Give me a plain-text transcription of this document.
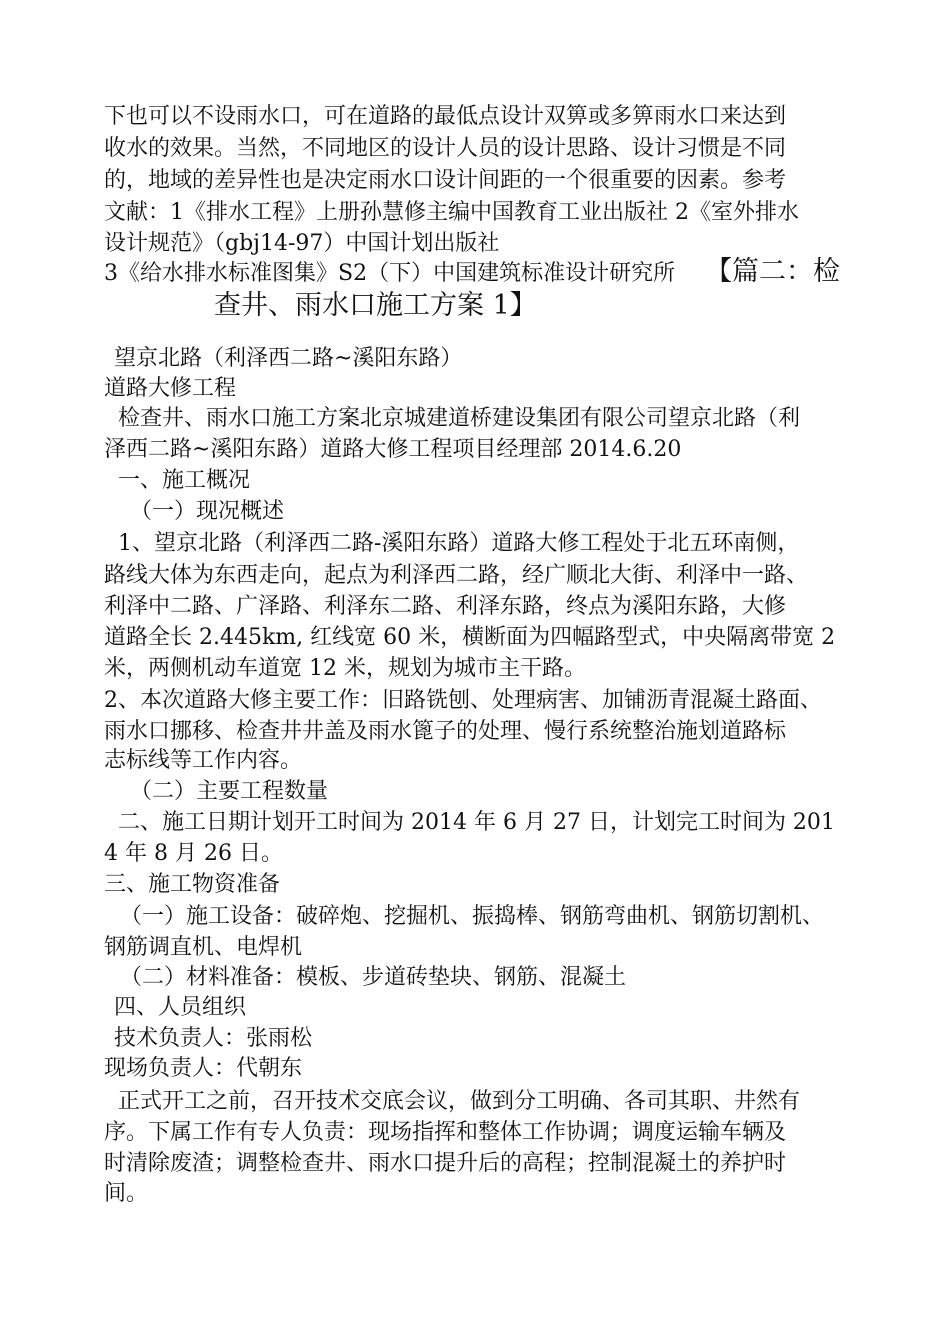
下也可以不设雨水口，可在道路的最低点设计双箅或多箅雨水口来达到
收水的效果。当然，不同地区的设计人员的设计思路、设计习惯是不同
的，地域的差异性也是决定雨水口设计间距的一个很重要的因素。参考
文献：1《排水工程》上册孙慧修主编中国教育工业出版社 2《室外排水
设计规范》（gbj14-97）中国计划出版社
3《给水排水标准图集》S2（下）中国建筑标准设计研究所 【篇二：检
查井、雨水口施工方案 1】
望京北路（利泽西二路~溪阳东路）
道路大修工程
检查井、雨水口施工方案北京城建道桥建设集团有限公司望京北路（利
泽西二路~溪阳东路）道路大修工程项目经理部 2014.6.20
一、施工概况
（一）现况概述
1、望京北路（利泽西二路-溪阳东路）道路大修工程处于北五环南侧，
路线大体为东西走向，起点为利泽西二路，经广顺北大街、利泽中一路、
利泽中二路、广泽路、利泽东二路、利泽东路，终点为溪阳东路，大修
道路全长 2.445km, 红线宽 60 米，横断面为四幅路型式，中央隔离带宽 2
米，两侧机动车道宽 12 米，规划为城市主干路。
2、本次道路大修主要工作：旧路铣刨、处理病害、加铺沥青混凝土路面、
雨水口挪移、检查井井盖及雨水篦子的处理、慢行系统整治施划道路标
志标线等工作内容。
（二）主要工程数量
二、施工日期计划开工时间为 2014 年 6 月 27 日，计划完工时间为 201
4 年 8 月 26 日。
三、施工物资准备
（一）施工设备：破碎炮、挖掘机、振捣棒、钢筋弯曲机、钢筋切割机、
钢筋调直机、电焊机
（二）材料准备：模板、步道砖垫块、钢筋、混凝土
四、人员组织
技术负责人：张雨松
现场负责人：代朝东
正式开工之前，召开技术交底会议，做到分工明确、各司其职、井然有
序。下属工作有专人负责：现场指挥和整体工作协调；调度运输车辆及
时清除废渣；调整检查井、雨水口提升后的高程；控制混凝土的养护时
间。
